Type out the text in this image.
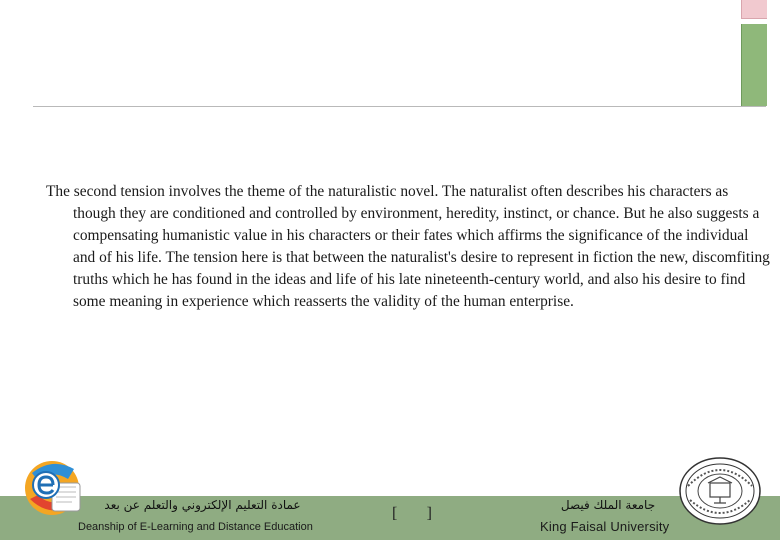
The second tension involves the theme of the naturalistic novel. The naturalist often describes his characters as though they are conditioned and controlled by environment, heredity, instinct, or chance. But he also suggests a compensating humanistic value in his characters or their fates which affirms the significance of the individual and of his life. The tension here is that between the naturalist's desire to represent in fiction the new, discomfiting truths which he has found in the ideas and life of his late nineteenth-century world, and also his desire to find some meaning in experience which reasserts the validity of the human enterprise.

عمادة التعليم الإلكتروني والتعلم عن بعد
Deanship of E-Learning and Distance Education
[ ]	جامعة الملك فيصل
King Faisal University
